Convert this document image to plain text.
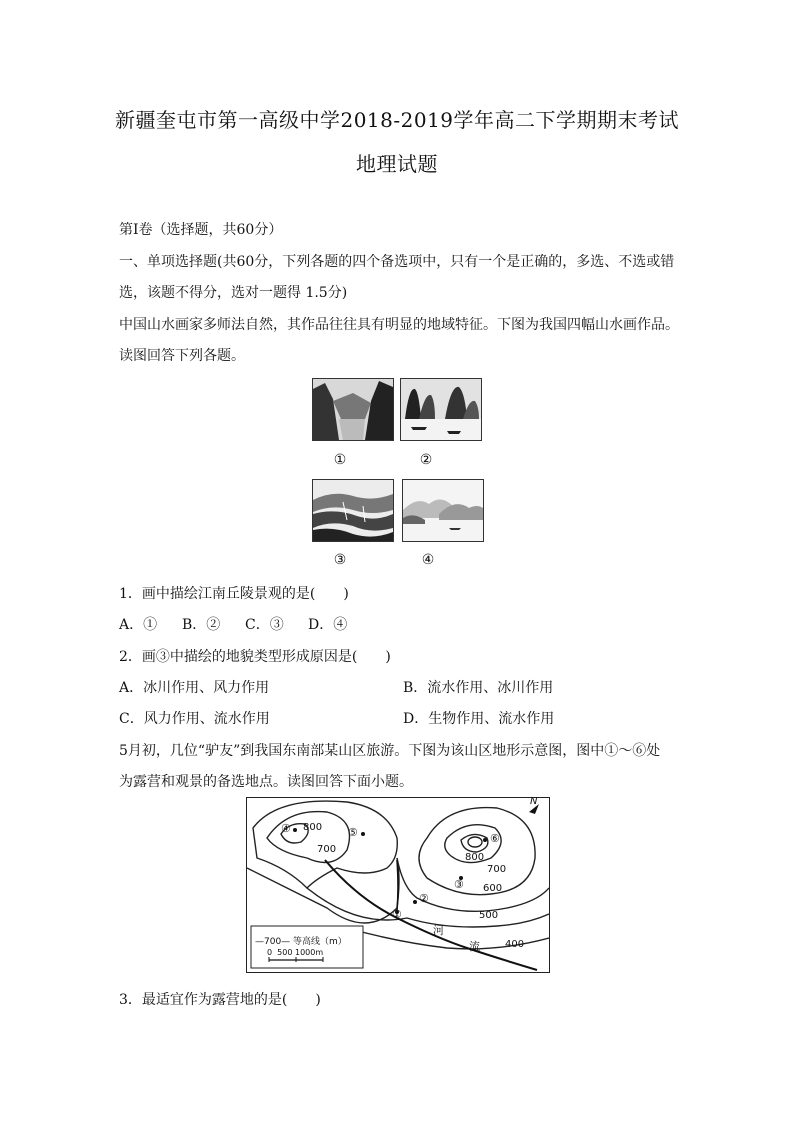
新疆奎屯市第一高级中学2018-2019学年高二下学期期末考试
地理试题
第Ⅰ卷（选择题，共60分）
一、单项选择题(共60分，下列各题的四个备选项中，只有一个是正确的，多选、不选或错
选，该题不得分，选对一题得 1.5分)
中国山水画家多师法自然，其作品往往具有明显的地域特征。下图为我国四幅山水画作品。
读图回答下列各题。
①	②
③	④
1．画中描绘江南丘陵景观的是(　　)
A．① B．② C．③ D．④
2．画③中描绘的地貌类型形成原因是(　　)
A．冰川作用、风力作用	B．流水作用、冰川作用
C．风力作用、流水作用	D．生物作用、流水作用
5月初，几位“驴友”到我国东南部某山区旅游。下图为该山区地形示意图，图中①～⑥处
为露营和观景的备选地点。读图回答下面小题。
N
800
700
800
700
600
500
400
①
②
③
④	⑤	⑥
河
流
—700— 等高线（m）
0  500 1000m
3．最适宜作为露营地的是(　　)
